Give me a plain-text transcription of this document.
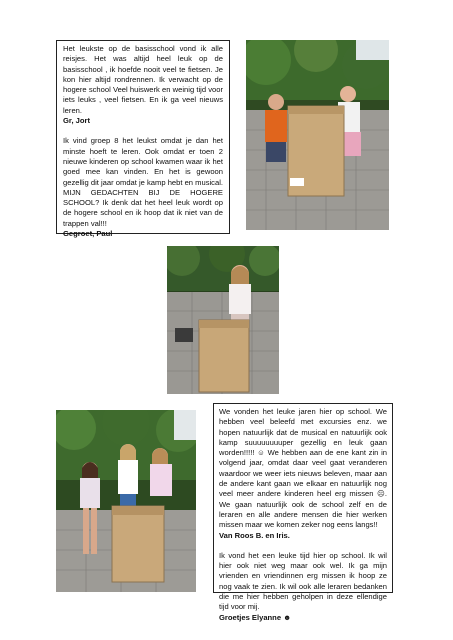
Het leukste op de basisschool vond ik alle reisjes. Het was altijd heel leuk op de basisschool , ik hoefde nooit veel te fietsen. Je kon hier altijd rondrennen. Ik verwacht op de hogere school Veel huiswerk en weinig tijd voor iets leuks , veel fietsen. En ik ga veel nieuws leren.

Gr, Jort

Ik vind groep 8 het leukst omdat je dan het minste hoeft te leren. Ook omdat er toen 2 nieuwe kinderen op school kwamen waar ik het goed mee kan vinden. En het is gewoon gezellig dit jaar omdat je kamp hebt en musical. MIJN GEDACHTEN BIJ DE HOGERE SCHOOL? Ik denk dat het heel leuk wordt op de hogere school en ik hoop dat ik niet van de trappen val!!!

Gegroet, Paul

We vonden het leuke jaren hier op school. We hebben veel beleefd met excursies enz. we hopen natuurlijk dat de musical en natuurlijk ook kamp suuuuuuuuper gezellig en leuk gaan worden!!!!! ☺ We hebben aan de ene kant zin in volgend jaar, omdat daar veel gaat veranderen waardoor we weer iets nieuws beleven, maar aan de andere kant gaan we elkaar en natuurlijk nog veel meer andere kinderen heel erg missen ☹. We gaan natuurlijk ook de school zelf en de leraren en alle andere mensen die hier werken missen maar we komen zeker nog eens langs!!

Van Roos B. en Iris.

Ik vond het een leuke tijd hier op school. Ik wil hier ook niet weg maar ook wel. Ik ga mijn vrienden en vriendinnen erg missen ik hoop ze nog vaak te zien. Ik wil ook alle leraren bedanken die me hier hebben geholpen in deze ellendige tijd voor mij.

Groetjes Elyanne ☻
